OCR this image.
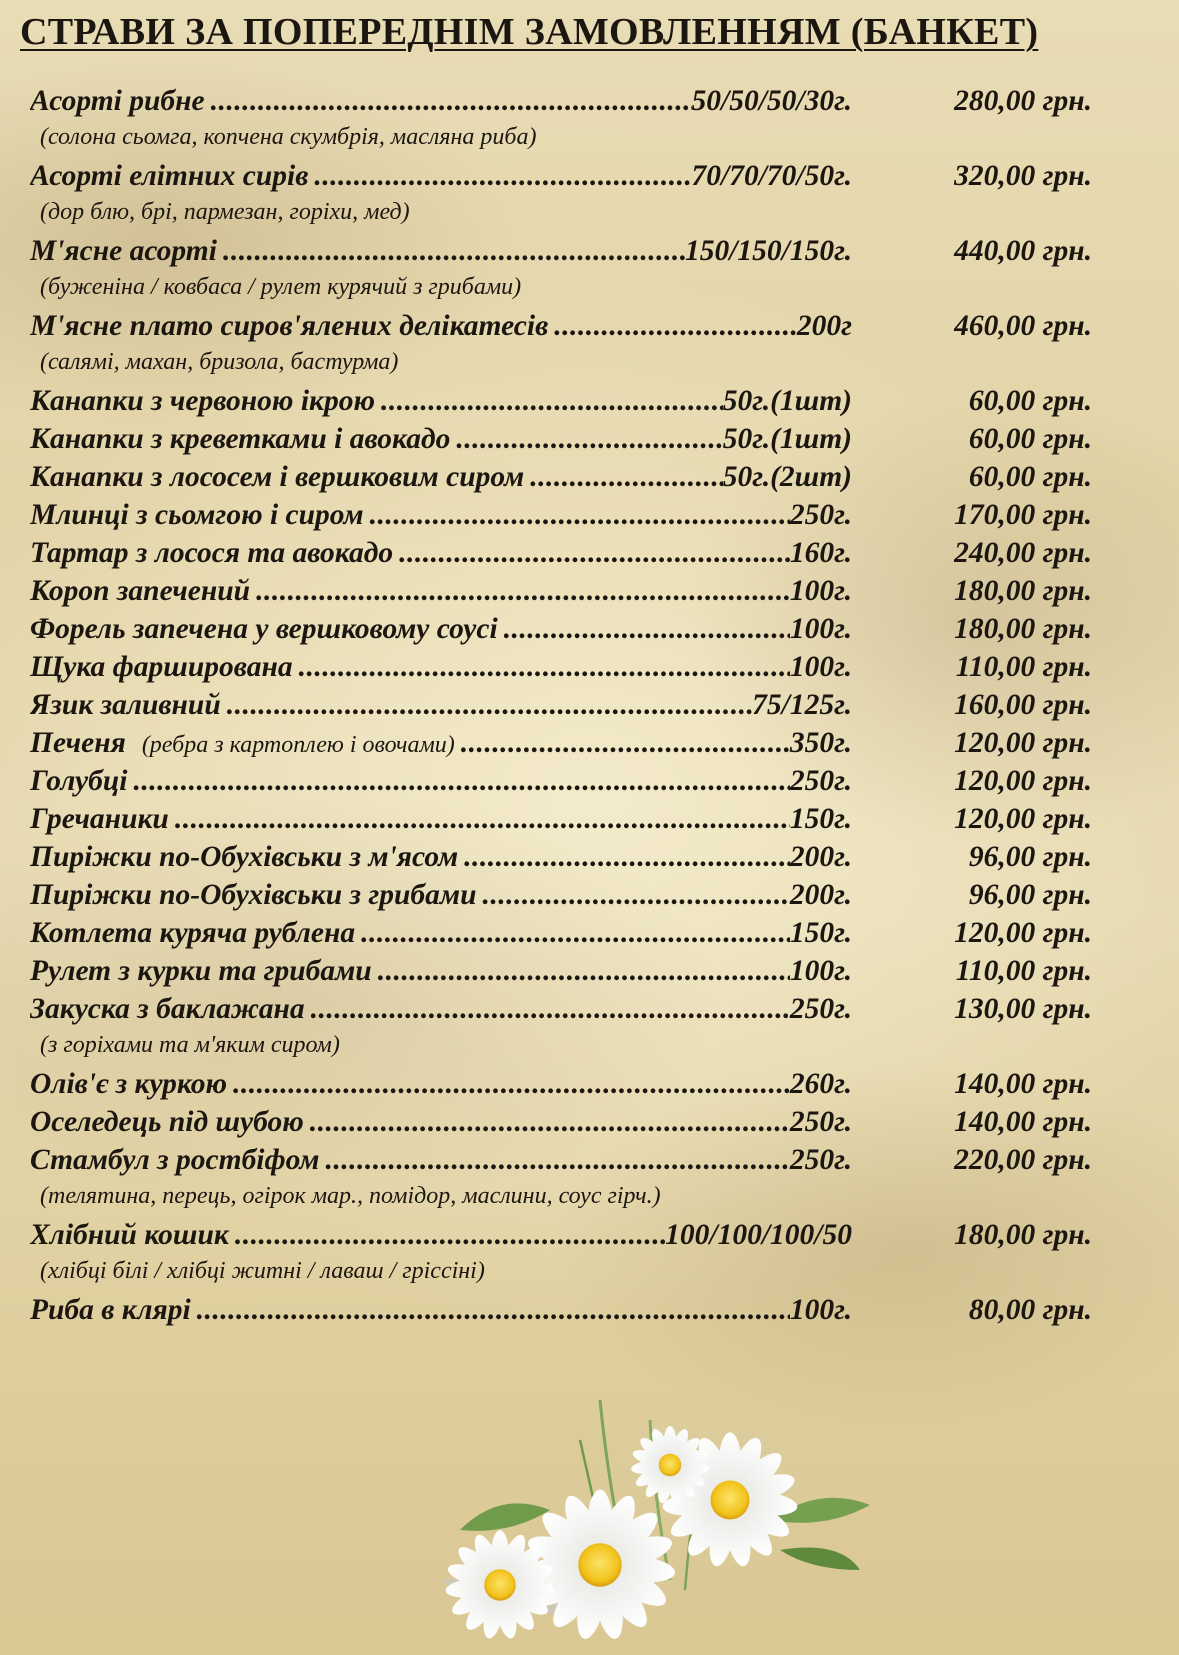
СТРАВИ ЗА ПОПЕРЕДНІМ ЗАМОВЛЕННЯМ (БАНКЕТ)
Асорті рибне .....	50/50/50/30г.	280,00 грн.
(солона сьомга, копчена скумбрія, масляна риба)
Асорті елітних сирів .....	70/70/70/50г.	320,00 грн.
(дор блю, брі, пармезан, горіхи, мед)
М'ясне асорті .....	150/150/150г.	440,00 грн.
(буженіна / ковбаса / рулет курячий з грибами)
М'ясне плато сиров'ялених делікатесів .....	200г	460,00 грн.
(салямі, махан, бризола, бастурма)
Канапки з червоною ікрою .....	50г.(1шт)	60,00 грн.
Канапки з креветками і авокадо .....	50г.(1шт)	60,00 грн.
Канапки з лососем і вершковим сиром .....	50г.(2шт)	60,00 грн.
Млинці з сьомгою і сиром .....	250г.	170,00 грн.
Тартар з лосося та авокадо .....	160г.	240,00 грн.
Короп запечений .....	100г.	180,00 грн.
Форель запечена у вершковому соусі .....	100г.	180,00 грн.
Щука фарширована .....	100г.	110,00 грн.
Язик заливний .....	75/125г.	160,00 грн.
Печеня (ребра з картоплею і овочами) .....	350г.	120,00 грн.
Голубці .....	250г.	120,00 грн.
Гречаники .....	150г.	120,00 грн.
Пиріжки по-Обухівськи з м'ясом .....	200г.	96,00 грн.
Пиріжки по-Обухівськи з грибами .....	200г.	96,00 грн.
Котлета куряча рублена .....	150г.	120,00 грн.
Рулет з курки та грибами .....	100г.	110,00 грн.
Закуска з баклажана .....	250г.	130,00 грн.
(з горіхами та м'яким сиром)
Олів'є з куркою .....	260г.	140,00 грн.
Оселедець під шубою .....	250г.	140,00 грн.
Стамбул з ростбіфом .....	250г.	220,00 грн.
(телятина, перець, огірок мар., помідор, маслини, соус гірч.)
Хлібний кошик .....	100/100/100/50	180,00 грн.
(хлібці білі / хлібці житні / лаваш / гріссіні)
Риба в клярі .....	100г.	80,00 грн.
